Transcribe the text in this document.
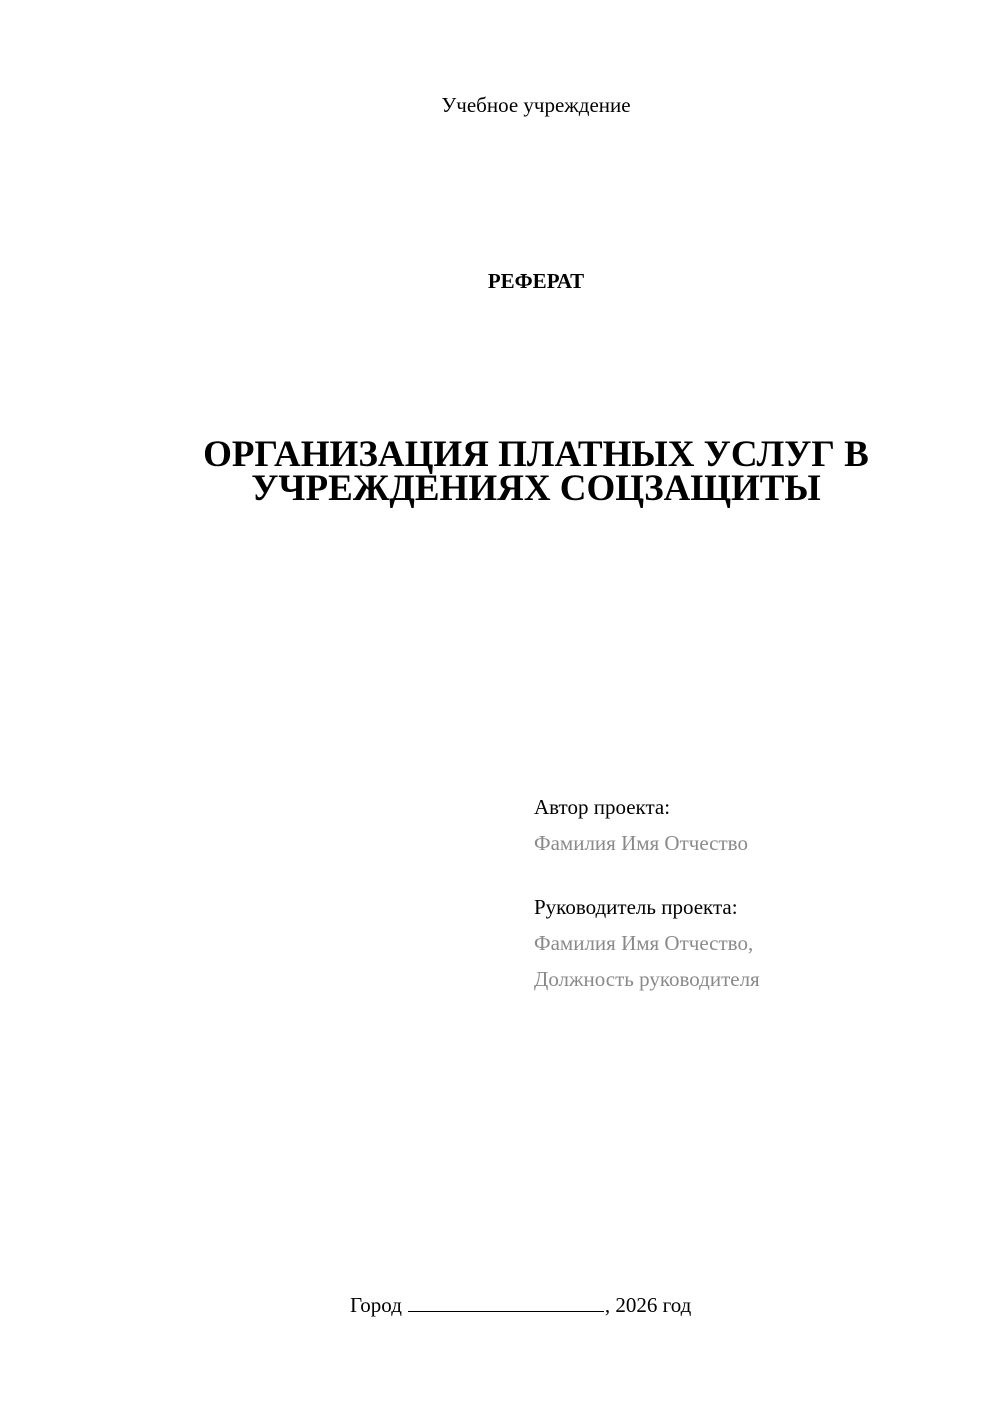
Учебное учреждение
РЕФЕРАТ
ОРГАНИЗАЦИЯ ПЛАТНЫХ УСЛУГ В
УЧРЕЖДЕНИЯХ СОЦЗАЩИТЫ
Автор проекта:
Фамилия Имя Отчество
Руководитель проекта:
Фамилия Имя Отчество,
Должность руководителя
Город	, 2026 год
